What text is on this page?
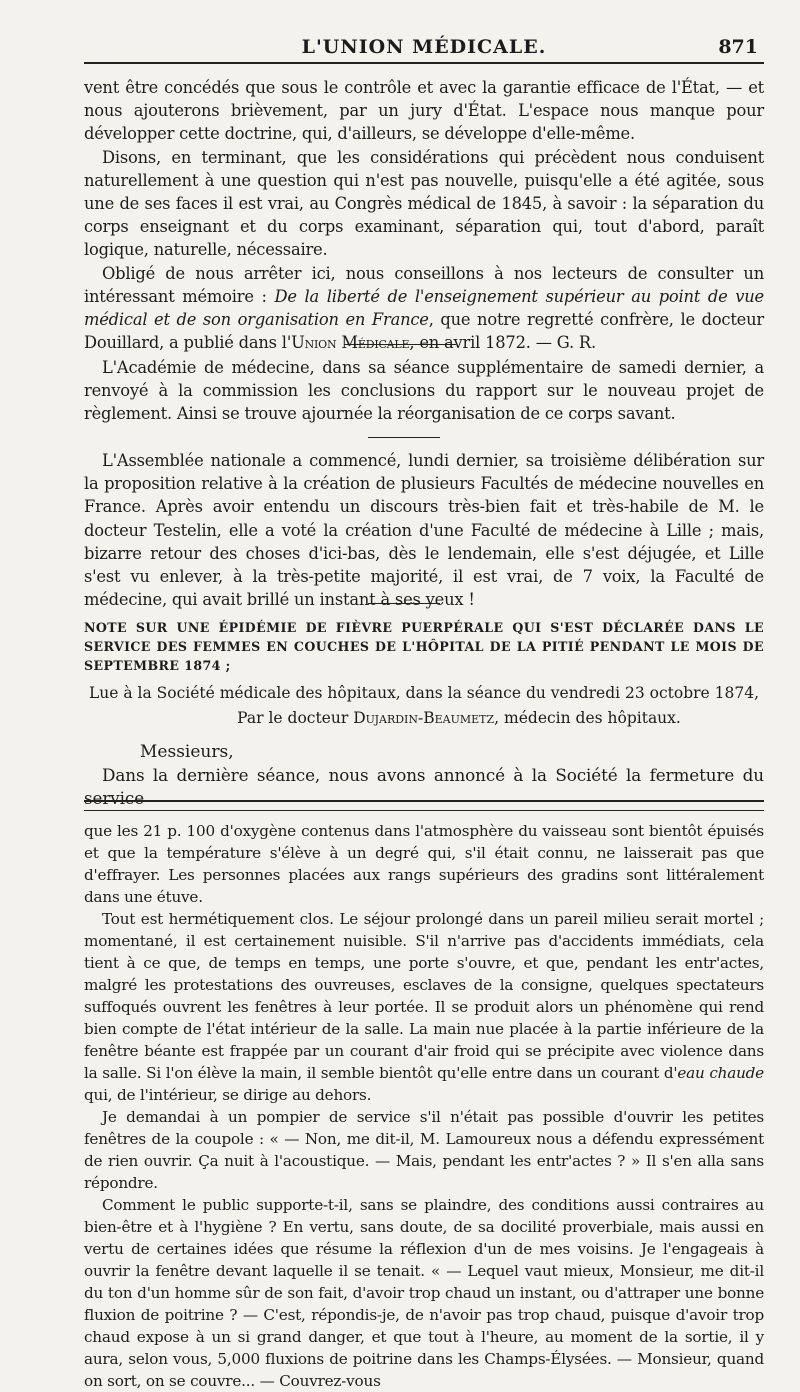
L'UNION MÉDICALE.	871

vent être concédés que sous le contrôle et avec la garantie efficace de l'État, — et nous ajouterons brièvement, par un jury d'État. L'espace nous manque pour développer cette doctrine, qui, d'ailleurs, se développe d'elle-même.

Disons, en terminant, que les considérations qui précèdent nous conduisent naturellement à une question qui n'est pas nouvelle, puisqu'elle a été agitée, sous une de ses faces il est vrai, au Congrès médical de 1845, à savoir : la séparation du corps enseignant et du corps examinant, séparation qui, tout d'abord, paraît logique, naturelle, nécessaire.

Obligé de nous arrêter ici, nous conseillons à nos lecteurs de consulter un intéressant mémoire : De la liberté de l'enseignement supérieur au point de vue médical et de son organisation en France, que notre regretté confrère, le docteur Douillard, a publié dans l'Union Médicale, en avril 1872. — G. R.

L'Académie de médecine, dans sa séance supplémentaire de samedi dernier, a renvoyé à la commission les conclusions du rapport sur le nouveau projet de règlement. Ainsi se trouve ajournée la réorganisation de ce corps savant.

L'Assemblée nationale a commencé, lundi dernier, sa troisième délibération sur la proposition relative à la création de plusieurs Facultés de médecine nouvelles en France. Après avoir entendu un discours très-bien fait et très-habile de M. le docteur Testelin, elle a voté la création d'une Faculté de médecine à Lille ; mais, bizarre retour des choses d'ici-bas, dès le lendemain, elle s'est déjugée, et Lille s'est vu enlever, à la très-petite majorité, il est vrai, de 7 voix, la Faculté de médecine, qui avait brillé un instant à ses yeux !

NOTE SUR UNE ÉPIDÉMIE DE FIÈVRE PUERPÉRALE QUI S'EST DÉCLARÉE DANS LE SERVICE DES FEMMES EN COUCHES DE L'HÔPITAL DE LA PITIÉ PENDANT LE MOIS DE SEPTEMBRE 1874 ;

Lue à la Société médicale des hôpitaux, dans la séance du vendredi 23 octobre 1874,

Par le docteur Dujardin-Beaumetz, médecin des hôpitaux.

Messieurs,

Dans la dernière séance, nous avons annoncé à la Société la fermeture du service

que les 21 p. 100 d'oxygène contenus dans l'atmosphère du vaisseau sont bientôt épuisés et que la température s'élève à un degré qui, s'il était connu, ne laisserait pas que d'effrayer. Les personnes placées aux rangs supérieurs des gradins sont littéralement dans une étuve.

Tout est hermétiquement clos. Le séjour prolongé dans un pareil milieu serait mortel ; momentané, il est certainement nuisible. S'il n'arrive pas d'accidents immédiats, cela tient à ce que, de temps en temps, une porte s'ouvre, et que, pendant les entr'actes, malgré les protestations des ouvreuses, esclaves de la consigne, quelques spectateurs suffoqués ouvrent les fenêtres à leur portée. Il se produit alors un phénomène qui rend bien compte de l'état intérieur de la salle. La main nue placée à la partie inférieure de la fenêtre béante est frappée par un courant d'air froid qui se précipite avec violence dans la salle. Si l'on élève la main, il semble bientôt qu'elle entre dans un courant d'eau chaude qui, de l'intérieur, se dirige au dehors.

Je demandai à un pompier de service s'il n'était pas possible d'ouvrir les petites fenêtres de la coupole : « — Non, me dit-il, M. Lamoureux nous a défendu expressément de rien ouvrir. Ça nuit à l'acoustique. — Mais, pendant les entr'actes ? » Il s'en alla sans répondre.

Comment le public supporte-t-il, sans se plaindre, des conditions aussi contraires au bien-être et à l'hygiène ? En vertu, sans doute, de sa docilité proverbiale, mais aussi en vertu de certaines idées que résume la réflexion d'un de mes voisins. Je l'engageais à ouvrir la fenêtre devant laquelle il se tenait. « — Lequel vaut mieux, Monsieur, me dit-il du ton d'un homme sûr de son fait, d'avoir trop chaud un instant, ou d'attraper une bonne fluxion de poitrine ? — C'est, répondis-je, de n'avoir pas trop chaud, puisque d'avoir trop chaud expose à un si grand danger, et que tout à l'heure, au moment de la sortie, il y aura, selon vous, 5,000 fluxions de poitrine dans les Champs-Élysées. — Monsieur, quand on sort, on se couvre... — Couvrez-vous
